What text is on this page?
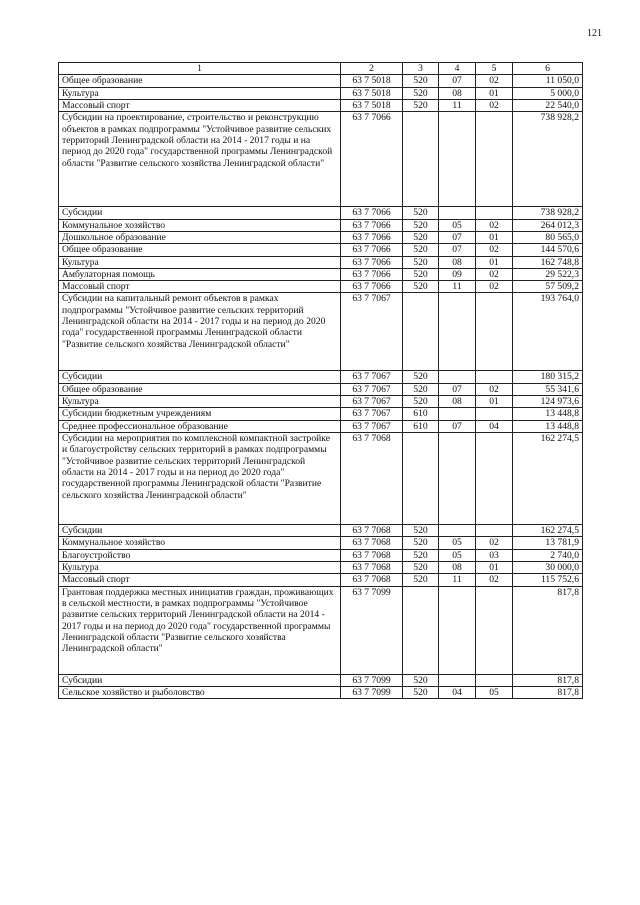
121
1	2	3	4	5	6
Общее образование	63 7 5018	520	07	02	11 050,0
Культура	63 7 5018	520	08	01	5 000,0
Массовый спорт	63 7 5018	520	11	02	22 540,0
Субсидии на проектирование, строительство и реконструкцию объектов в рамках подпрограммы "Устойчивое развитие сельских территорий Ленинградской области на 2014 - 2017 годы и на период до 2020 года" государственной программы Ленинградской области "Развитие сельского хозяйства Ленинградской области"	63 7 7066				738 928,2
Субсидии	63 7 7066	520			738 928,2
Коммунальное хозяйство	63 7 7066	520	05	02	264 012,3
Дошкольное образование	63 7 7066	520	07	01	80 565,0
Общее образование	63 7 7066	520	07	02	144 570,6
Культура	63 7 7066	520	08	01	162 748,8
Амбулаторная помощь	63 7 7066	520	09	02	29 522,3
Массовый спорт	63 7 7066	520	11	02	57 509,2
Субсидии на капитальный ремонт объектов в рамках подпрограммы "Устойчивое развитие сельских территорий Ленинградской области на 2014 - 2017 годы и на период до 2020 года" государственной программы Ленинградской области "Развитие сельского хозяйства Ленинградской области"	63 7 7067				193 764,0
Субсидии	63 7 7067	520			180 315,2
Общее образование	63 7 7067	520	07	02	55 341,6
Культура	63 7 7067	520	08	01	124 973,6
Субсидии бюджетным учреждениям	63 7 7067	610			13 448,8
Среднее профессиональное образование	63 7 7067	610	07	04	13 448,8
Субсидии на мероприятия по комплексной компактной застройке и благоустройству сельских территорий в рамках подпрограммы "Устойчивое развитие сельских территорий Ленинградской области на 2014 - 2017 годы и на период до 2020 года" государственной программы Ленинградской области "Развитие сельского хозяйства Ленинградской области"	63 7 7068				162 274,5
Субсидии	63 7 7068	520			162 274,5
Коммунальное хозяйство	63 7 7068	520	05	02	13 781,9
Благоустройство	63 7 7068	520	05	03	2 740,0
Культура	63 7 7068	520	08	01	30 000,0
Массовый спорт	63 7 7068	520	11	02	115 752,6
Грантовая поддержка местных инициатив граждан, проживающих в сельской местности, в рамках подпрограммы "Устойчивое развитие сельских территорий Ленинградской области на 2014 - 2017 годы и на период до 2020 года" государственной программы Ленинградской области "Развитие сельского хозяйства Ленинградской области"	63 7 7099				817,8
Субсидии	63 7 7099	520			817,8
Сельское хозяйство и рыболовство	63 7 7099	520	04	05	817,8
